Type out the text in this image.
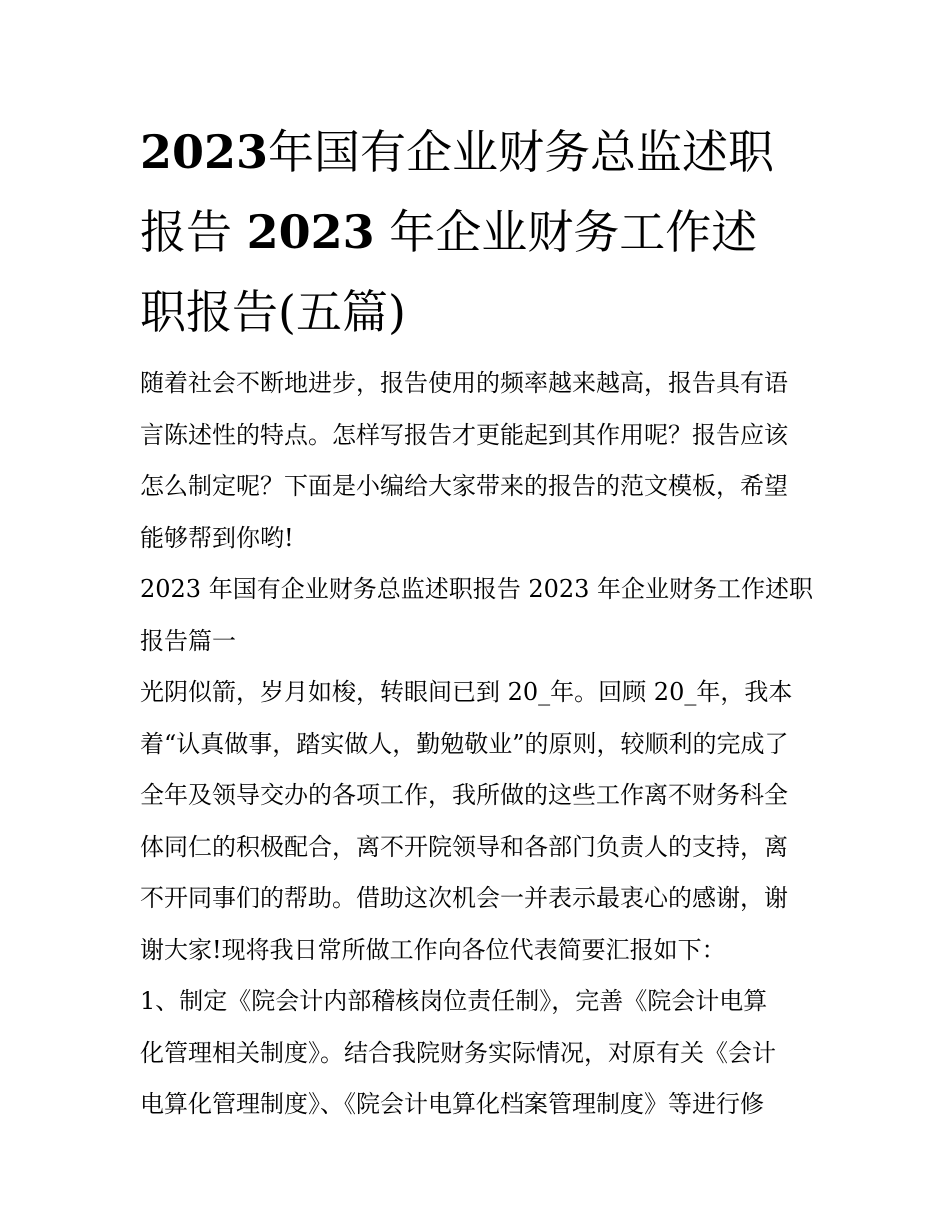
2023年国有企业财务总监述职
报告 2023 年企业财务工作述
职报告(五篇)
随着社会不断地进步，报告使用的频率越来越高，报告具有语
言陈述性的特点。怎样写报告才更能起到其作用呢？报告应该
怎么制定呢？下面是小编给大家带来的报告的范文模板，希望
能够帮到你哟!
2023 年国有企业财务总监述职报告 2023 年企业财务工作述职
报告篇一
光阴似箭，岁月如梭，转眼间已到 20_年。回顾 20_年，我本
着“认真做事，踏实做人，勤勉敬业”的原则，较顺利的完成了
全年及领导交办的各项工作，我所做的这些工作离不财务科全
体同仁的积极配合，离不开院领导和各部门负责人的支持，离
不开同事们的帮助。借助这次机会一并表示最衷心的感谢，谢
谢大家!现将我日常所做工作向各位代表简要汇报如下：
1、制定《院会计内部稽核岗位责任制》，完善《院会计电算
化管理相关制度》。结合我院财务实际情况，对原有关《会计
电算化管理制度》、《院会计电算化档案管理制度》等进行修
